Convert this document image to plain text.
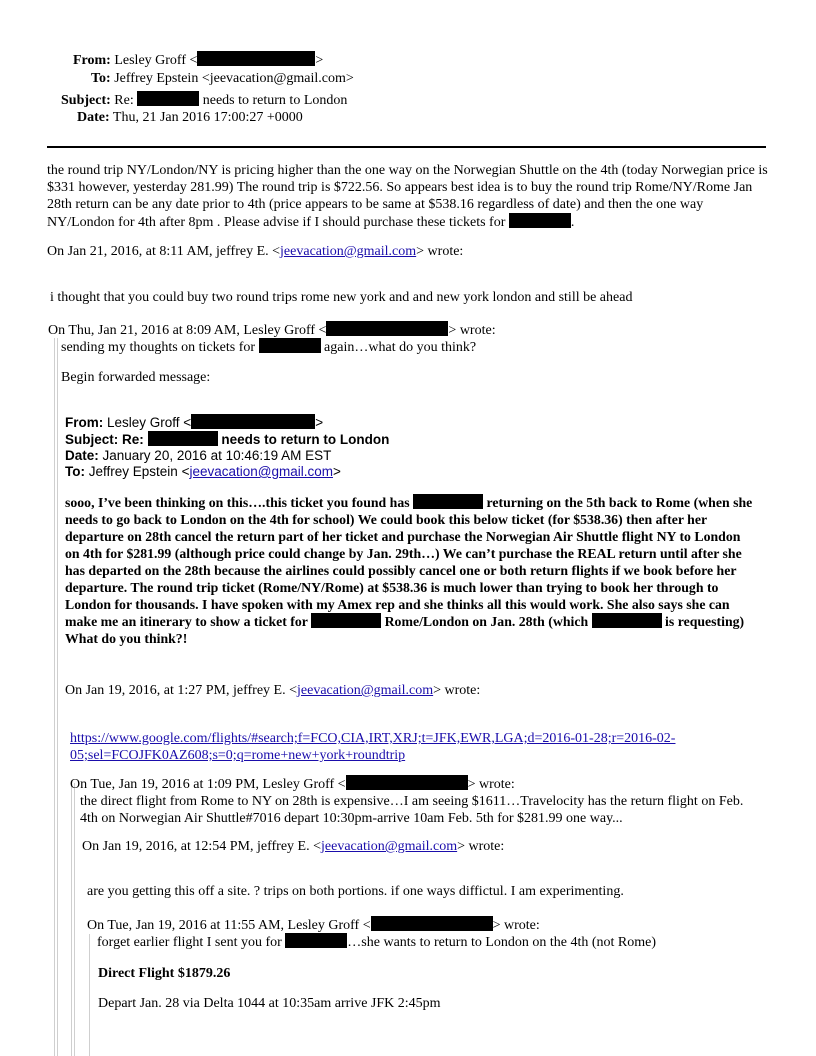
From: Lesley Groff <	>
To: Jeffrey Epstein <jeevacation@gmail.com>
Subject: Re:	needs to return to London
Date: Thu, 21 Jan 2016 17:00:27 +0000
the round trip NY/London/NY is pricing higher than the one way on the Norwegian Shuttle on the 4th (today Norwegian price is
$331 however, yesterday 281.99) The round trip is $722.56. So appears best idea is to buy the round trip Rome/NY/Rome Jan
28th return can be any date prior to 4th (price appears to be same at $538.16 regardless of date) and then the one way
NY/London for 4th after 8pm . Please advise if I should purchase these tickets for	.
On Jan 21, 2016, at 8:11 AM, jeffrey E. <jeevacation@gmail.com> wrote:
i thought that you could buy two round trips rome new york and and new york london and still be ahead
On Thu, Jan 21, 2016 at 8:09 AM, Lesley Groff <	> wrote:
sending my thoughts on tickets for	again…what do you think?
Begin forwarded message:
From: Lesley Groff <	>
Subject: Re:	needs to return to London
Date: January 20, 2016 at 10:46:19 AM EST
To: Jeffrey Epstein <jeevacation@gmail.com>
sooo, I’ve been thinking on this….this ticket you found has	returning on the 5th back to Rome (when she
needs to go back to London on the 4th for school) We could book this below ticket (for $538.36) then after her
departure on 28th cancel the return part of her ticket and purchase the Norwegian Air Shuttle flight NY to London
on 4th for $281.99 (although price could change by Jan. 29th…) We can’t purchase the REAL return until after she
has departed on the 28th because the airlines could possibly cancel one or both return flights if we book before her
departure. The round trip ticket (Rome/NY/Rome) at $538.36 is much lower than trying to book her through to
London for thousands. I have spoken with my Amex rep and she thinks all this would work. She also says she can
make me an itinerary to show a ticket for	Rome/London on Jan. 28th (which	is requesting)
What do you think?!
On Jan 19, 2016, at 1:27 PM, jeffrey E. <jeevacation@gmail.com> wrote:
https://www.google.com/flights/#search;f=FCO,CIA,IRT,XRJ;t=JFK,EWR,LGA;d=2016-01-28;r=2016-02-
05;sel=FCOJFK0AZ608;s=0;q=rome+new+york+roundtrip
On Tue, Jan 19, 2016 at 1:09 PM, Lesley Groff <	> wrote:
the direct flight from Rome to NY on 28th is expensive…I am seeing $1611…Travelocity has the return flight on Feb.
4th on Norwegian Air Shuttle#7016 depart 10:30pm-arrive 10am Feb. 5th for $281.99 one way...
On Jan 19, 2016, at 12:54 PM, jeffrey E. <jeevacation@gmail.com> wrote:
are you getting this off a site. ? trips on both portions. if one ways diffictul. I am experimenting.
On Tue, Jan 19, 2016 at 11:55 AM, Lesley Groff <	> wrote:
forget earlier flight I sent you for	…she wants to return to London on the 4th (not Rome)
Direct Flight $1879.26
Depart Jan. 28 via Delta 1044 at 10:35am arrive JFK 2:45pm
